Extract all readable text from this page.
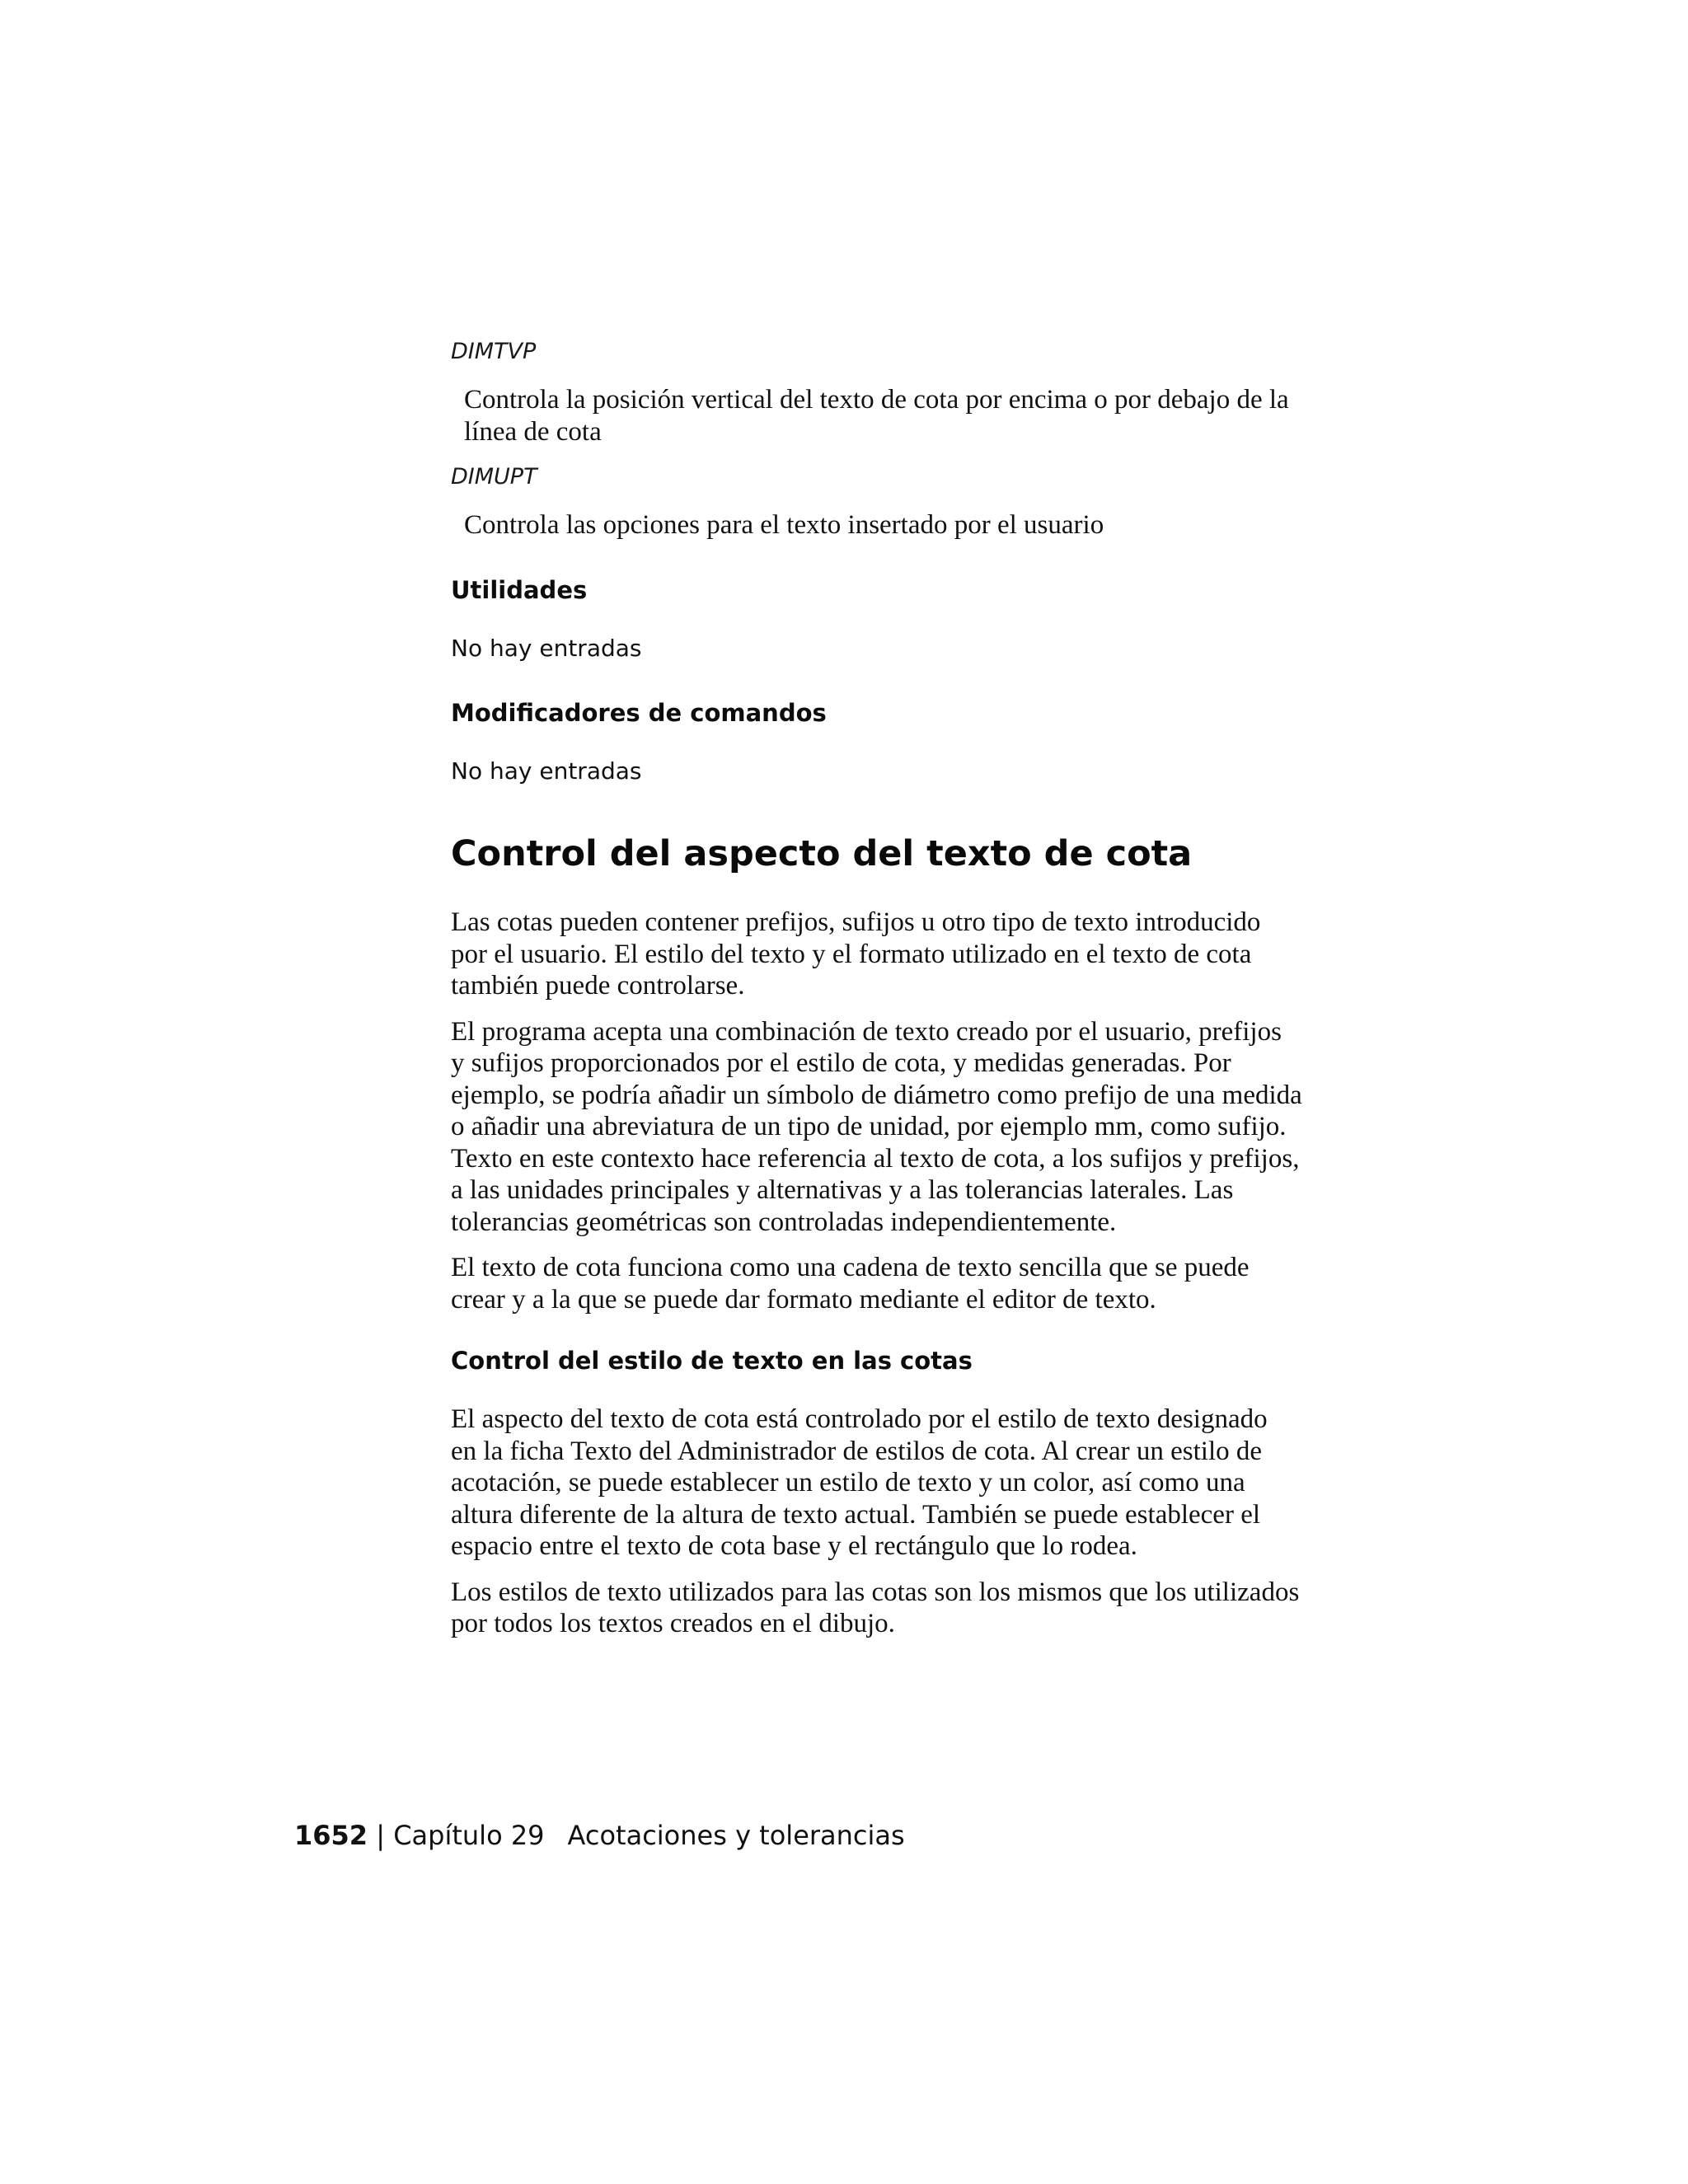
DIMTVP

Controla la posición vertical del texto de cota por encima o por debajo de la

línea de cota

DIMUPT

Controla las opciones para el texto insertado por el usuario

Utilidades

No hay entradas

Modificadores de comandos

No hay entradas

Control del aspecto del texto de cota

Las cotas pueden contener prefijos, sufijos u otro tipo de texto introducido

por el usuario. El estilo del texto y el formato utilizado en el texto de cota

también puede controlarse.

El programa acepta una combinación de texto creado por el usuario, prefijos

y sufijos proporcionados por el estilo de cota, y medidas generadas. Por

ejemplo, se podría añadir un símbolo de diámetro como prefijo de una medida

o añadir una abreviatura de un tipo de unidad, por ejemplo mm, como sufijo.

Texto en este contexto hace referencia al texto de cota, a los sufijos y prefijos,

a las unidades principales y alternativas y a las tolerancias laterales. Las

tolerancias geométricas son controladas independientemente.

El texto de cota funciona como una cadena de texto sencilla que se puede

crear y a la que se puede dar formato mediante el editor de texto.

Control del estilo de texto en las cotas

El aspecto del texto de cota está controlado por el estilo de texto designado

en la ficha Texto del Administrador de estilos de cota. Al crear un estilo de

acotación, se puede establecer un estilo de texto y un color, así como una

altura diferente de la altura de texto actual. También se puede establecer el

espacio entre el texto de cota base y el rectángulo que lo rodea.

Los estilos de texto utilizados para las cotas son los mismos que los utilizados

por todos los textos creados en el dibujo.

1652 | Capítulo 29 Acotaciones y tolerancias
